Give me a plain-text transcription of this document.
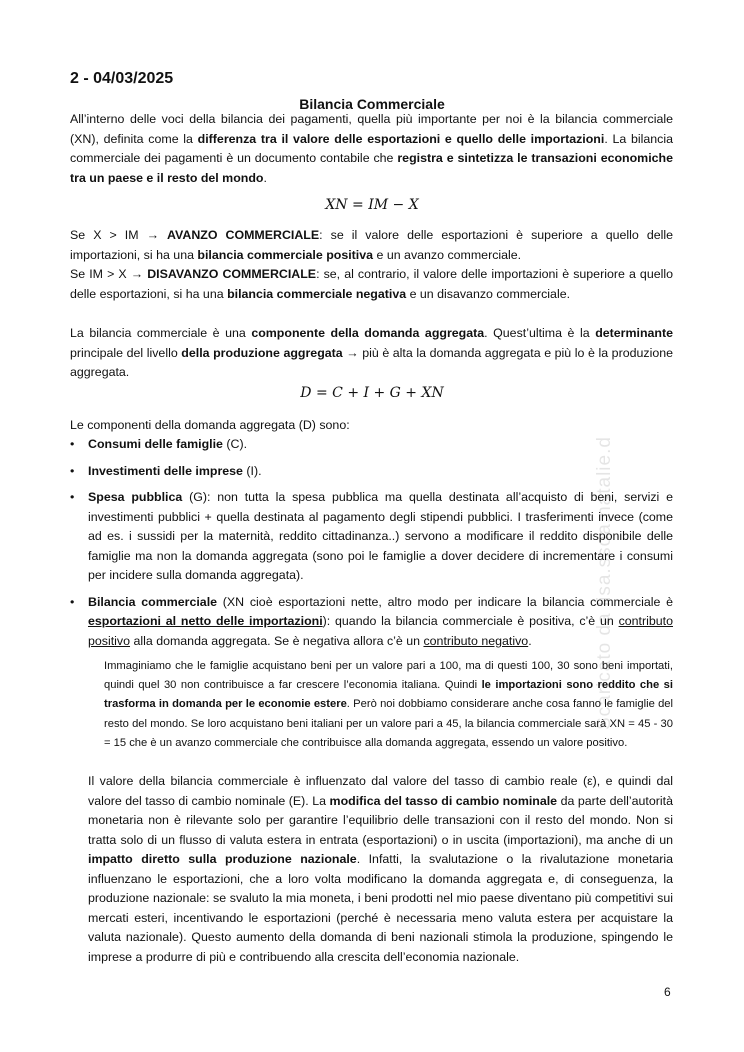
2 - 04/03/2025
Bilancia Commerciale

All’interno delle voci della bilancia dei pagamenti, quella più importante per noi è la bilancia commerciale (XN), definita come la differenza tra il valore delle esportazioni e quello delle importazioni. La bilancia commerciale dei pagamenti è un documento contabile che registra e sintetizza le transazioni economiche tra un paese e il resto del mondo.

XN = IM − X

Se X > IM → AVANZO COMMERCIALE: se il valore delle esportazioni è superiore a quello delle importazioni, si ha una bilancia commerciale positiva e un avanzo commerciale.

Se IM > X → DISAVANZO COMMERCIALE: se, al contrario, il valore delle importazioni è superiore a quello delle esportazioni, si ha una bilancia commerciale negativa e un disavanzo commerciale.

La bilancia commerciale è una componente della domanda aggregata. Quest’ultima è la determinante principale del livello della produzione aggregata → più è alta la domanda aggregata e più lo è la produzione aggregata.

D = C + I + G + XN

Le componenti della domanda aggregata (D) sono:

• Consumi delle famiglie (C).
• Investimenti delle imprese (I).
• Spesa pubblica (G): non tutta la spesa pubblica ma quella destinata all’acquisto di beni, servizi e investimenti pubblici + quella destinata al pagamento degli stipendi pubblici. I trasferimenti invece (come ad es. i sussidi per la maternità, reddito cittadinanza..) servono a modificare il reddito disponibile delle famiglie ma non la domanda aggregata (sono poi le famiglie a dover decidere di incrementare i consumi per incidere sulla domanda aggregata).
• Bilancia commerciale (XN cioè esportazioni nette, altro modo per indicare la bilancia commerciale è esportazioni al netto delle importazioni): quando la bilancia commerciale è positiva, c’è un contributo positivo alla domanda aggregata. Se è negativa allora c’è un contributo negativo.

Immaginiamo che le famiglie acquistano beni per un valore pari a 100, ma di questi 100, 30 sono beni importati, quindi quel 30 non contribuisce a far crescere l’economia italiana. Quindi le importazioni sono reddito che si trasforma in domanda per le economie estere. Però noi dobbiamo considerare anche cosa fanno le famiglie del resto del mondo. Se loro acquistano beni italiani per un valore pari a 45, la bilancia commerciale sarà XN = 45 - 30 = 15 che è un avanzo commerciale che contribuisce alla domanda aggregata, essendo un valore positivo.

Il valore della bilancia commerciale è influenzato dal valore del tasso di cambio reale (ε), e quindi dal valore del tasso di cambio nominale (E). La modifica del tasso di cambio nominale da parte dell’autorità monetaria non è rilevante solo per garantire l’equilibrio delle transazioni con il resto del mondo. Non si tratta solo di un flusso di valuta estera in entrata (esportazioni) o in uscita (importazioni), ma anche di un impatto diretto sulla produzione nazionale. Infatti, la svalutazione o la rivalutazione monetaria influenzano le esportazioni, che a loro volta modificano la domanda aggregata e, di conseguenza, la produzione nazionale: se svaluto la mia moneta, i beni prodotti nel mio paese diventano più competitivi sui mercati esteri, incentivando le esportazioni (perché è necessaria meno valuta estera per acquistare la valuta nazionale). Questo aumento della domanda di beni nazionali stimola la produzione, spingendo le imprese a produrre di più e contribuendo alla crescita dell’economia nazionale.

Scaricato da lisa.ssoa.natalie.d
6
